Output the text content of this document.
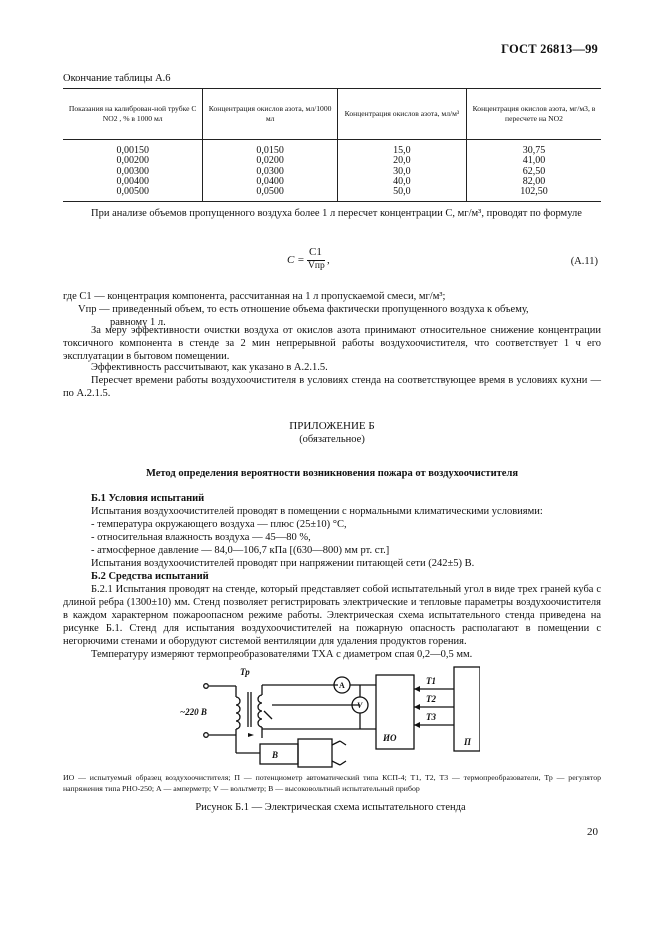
ГОСТ 26813—99
Окончание таблицы А.6
Показания на калиброван-ной трубке C NO2 , % в 1000 мл	Концентрация окислов азота, мл/1000 мл	Концентрация окислов азота, мл/м³	Концентрация окислов азота, мг/м3, в пересчете на NO2
0,00150	0,0150	15,0	30,75
0,00200	0,0200	20,0	41,00
0,00300	0,0300	30,0	62,50
0,00400	0,0400	40,0	82,00
0,00500	0,0500	50,0	102,50
При анализе объемов пропущенного воздуха более 1 л пересчет концентрации C, мг/м³, проводят по формуле
C =
C1
Vпр ,	(А.11)
где C1 — концентрация компонента, рассчитанная на 1 л пропускаемой смеси, мг/м³;
Vпр — приведенный объем, то есть отношение объема фактически пропущенного воздуха к объему,
равному 1 л.
За меру эффективности очистки воздуха от окислов азота принимают относительное снижение концентрации токсичного компонента в стенде за 2 мин непрерывной работы воздухоочистителя, что соответствует 1 ч его эксплуатации в бытовом помещении.
Эффективность рассчитывают, как указано в А.2.1.5.
Пересчет времени работы воздухоочистителя в условиях стенда на соответствующее время в условиях кухни — по А.2.1.5.
ПРИЛОЖЕНИЕ Б
(обязательное)
Метод определения вероятности возникновения пожара от воздухоочистителя
Б.1 Условия испытаний
Испытания воздухоочистителей проводят в помещении с нормальными климатическими условиями:
- температура окружающего воздуха — плюс (25±10) °С,
- относительная влажность воздуха — 45—80 %,
- атмосферное давление — 84,0—106,7 кПа [(630—800) мм рт. ст.]
Испытания воздухоочистителей проводят при напряжении питающей сети (242±5) В.
Б.2 Средства испытаний
Б.2.1 Испытания проводят на стенде, который представляет собой испытательный угол в виде трех граней куба с длиной ребра (1300±10) мм. Стенд позволяет регистрировать электрические и тепловые параметры воздухоочистителя в каждом характерном пожароопасном режиме работы. Электрическая схема испытательного стенда приведена на рисунке Б.1. Стенд для испытания воздухоочистителей на пожарную опасность располагают в помещении с негорючими стенами и оборудуют системой вентиляции для удаления продуктов горения.
Температуру измеряют термопреобразователями ТХА с диаметром спая 0,2—0,5 мм.
Тр
~220 В
A
V
ИО
В
П
T1
T2
T3
ИО — испытуемый образец воздухоочистителя; П — потенциометр автоматический типа КСП-4; Т1, Т2, Т3 — термопреобразователи, Тр — регулятор напряжения типа РНО-250; А — амперметр; V — вольтметр; В — высоковольтный испытательный прибор
Рисунок Б.1 — Электрическая схема испытательного стенда
20
